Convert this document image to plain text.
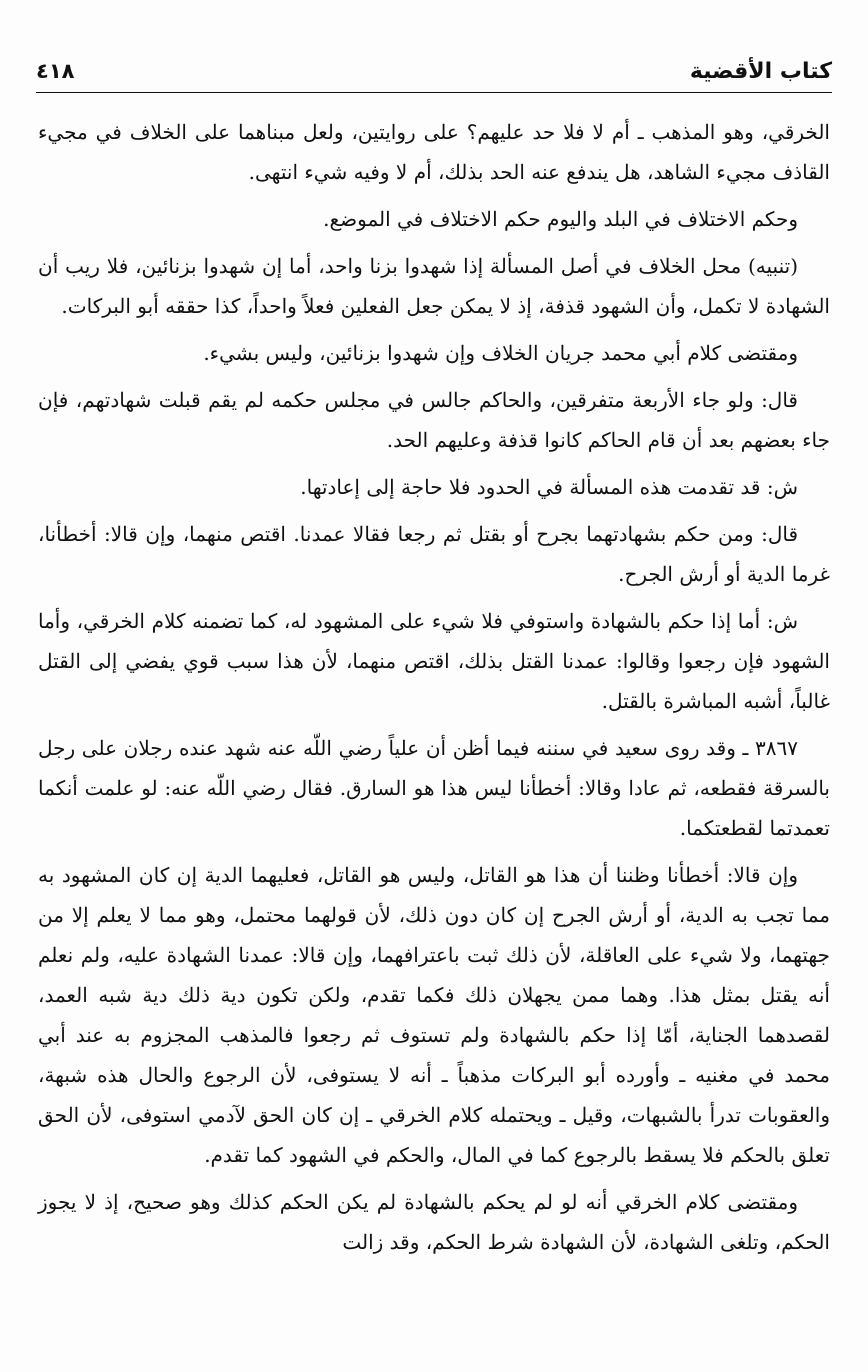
كتاب الأقضية
٤١٨

الخرقي، وهو المذهب ـ أم لا فلا حد عليهم؟ على روايتين، ولعل مبناهما على الخلاف في مجيء القاذف مجيء الشاهد، هل يندفع عنه الحد بذلك، أم لا وفيه شيء انتهى.

وحكم الاختلاف في البلد واليوم حكم الاختلاف في الموضع.

(تنبيه) محل الخلاف في أصل المسألة إذا شهدوا بزنا واحد، أما إن شهدوا بزنائين، فلا ريب أن الشهادة لا تكمل، وأن الشهود قذفة، إذ لا يمكن جعل الفعلين فعلاً واحداً، كذا حققه أبو البركات.

ومقتضى كلام أبي محمد جريان الخلاف وإن شهدوا بزنائين، وليس بشيء.

قال: ولو جاء الأربعة متفرقين، والحاكم جالس في مجلس حكمه لم يقم قبلت شهادتهم، فإن جاء بعضهم بعد أن قام الحاكم كانوا قذفة وعليهم الحد.

ش: قد تقدمت هذه المسألة في الحدود فلا حاجة إلى إعادتها.

قال: ومن حكم بشهادتهما بجرح أو بقتل ثم رجعا فقالا عمدنا. اقتص منهما، وإن قالا: أخطأنا، غرما الدية أو أرش الجرح.

ش: أما إذا حكم بالشهادة واستوفي فلا شيء على المشهود له، كما تضمنه كلام الخرقي، وأما الشهود فإن رجعوا وقالوا: عمدنا القتل بذلك، اقتص منهما، لأن هذا سبب قوي يفضي إلى القتل غالباً، أشبه المباشرة بالقتل.

٣٨٦٧ ـ وقد روى سعيد في سننه فيما أظن أن علياً رضي اللّه عنه شهد عنده رجلان على رجل بالسرقة فقطعه، ثم عادا وقالا: أخطأنا ليس هذا هو السارق. فقال رضي اللّه عنه: لو علمت أنكما تعمدتما لقطعتكما.

وإن قالا: أخطأنا وظننا أن هذا هو القاتل، وليس هو القاتل، فعليهما الدية إن كان المشهود به مما تجب به الدية، أو أرش الجرح إن كان دون ذلك، لأن قولهما محتمل، وهو مما لا يعلم إلا من جهتهما، ولا شيء على العاقلة، لأن ذلك ثبت باعترافهما، وإن قالا: عمدنا الشهادة عليه، ولم نعلم أنه يقتل بمثل هذا. وهما ممن يجهلان ذلك فكما تقدم، ولكن تكون دية ذلك دية شبه العمد، لقصدهما الجناية، أمّا إذا حكم بالشهادة ولم تستوف ثم رجعوا فالمذهب المجزوم به عند أبي محمد في مغنيه ـ وأورده أبو البركات مذهباً ـ أنه لا يستوفى، لأن الرجوع والحال هذه شبهة، والعقوبات تدرأ بالشبهات، وقيل ـ ويحتمله كلام الخرقي ـ إن كان الحق لآدمي استوفى، لأن الحق تعلق بالحكم فلا يسقط بالرجوع كما في المال، والحكم في الشهود كما تقدم.

ومقتضى كلام الخرقي أنه لو لم يحكم بالشهادة لم يكن الحكم كذلك وهو صحيح، إذ لا يجوز الحكم، وتلغى الشهادة، لأن الشهادة شرط الحكم، وقد زالت
